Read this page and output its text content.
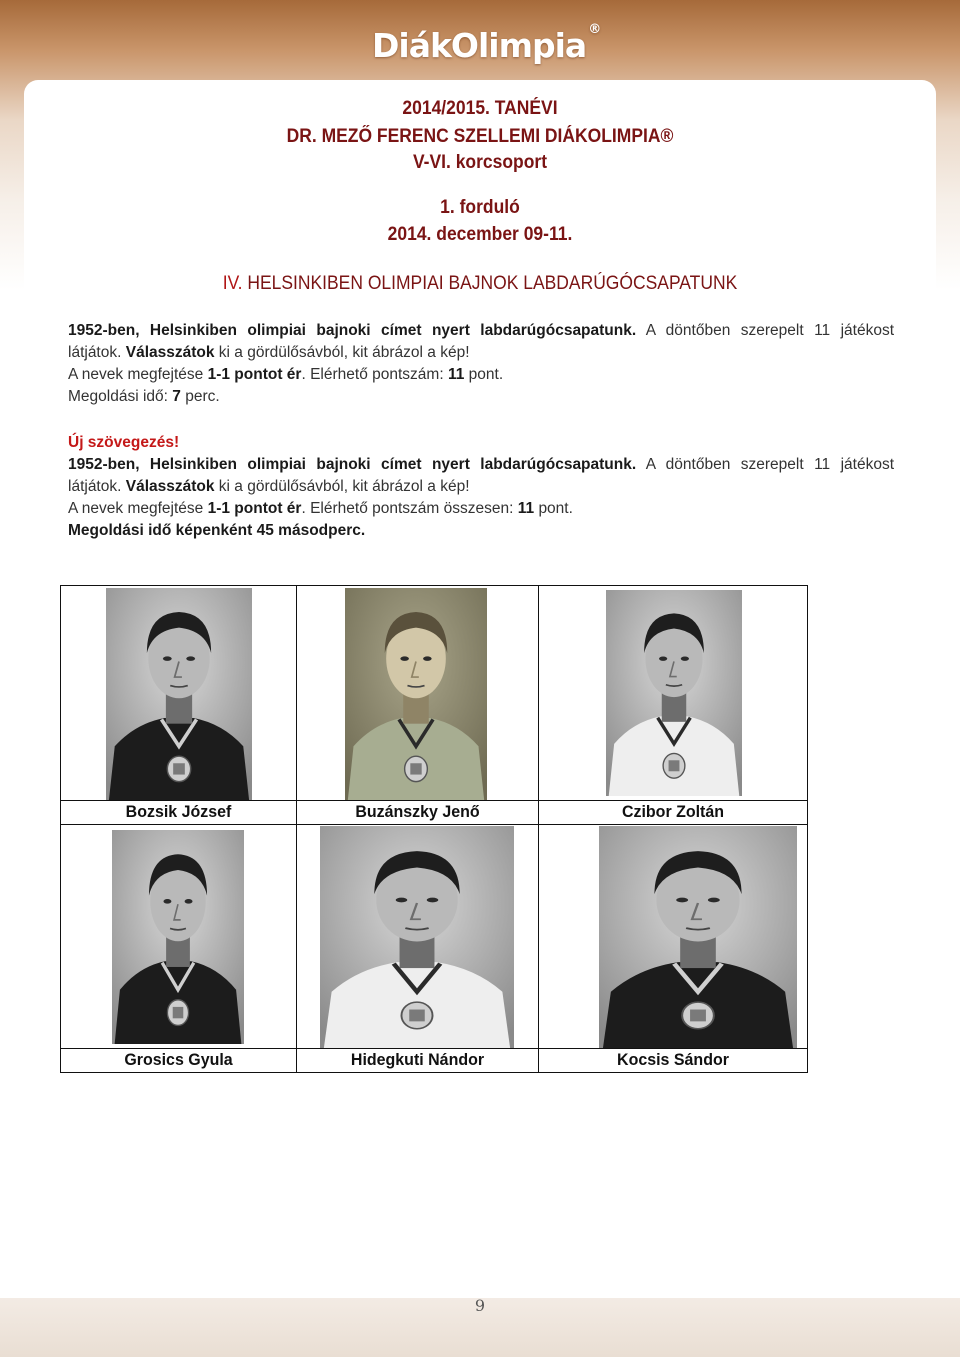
DiákOlimpia ®
2014/2015. TANÉVI
DR. MEZŐ FERENC SZELLEMI DIÁKOLIMPIA®
V-VI. korcsoport
1. forduló
2014. december 09-11.
IV. HELSINKIBEN OLIMPIAI BAJNOK LABDARÚGÓCSAPATUNK

1952-ben, Helsinkiben olimpiai bajnoki címet nyert labdarúgócsapatunk. A döntőben szerepelt 11 játékost

látjátok. Válasszátok ki a gördülősávból, kit ábrázol a kép!

A nevek megfejtése 1-1 pontot ér. Elérhető pontszám: 11 pont.

Megoldási idő: 7 perc.

Új szövegezés!

1952-ben, Helsinkiben olimpiai bajnoki címet nyert labdarúgócsapatunk. A döntőben szerepelt 11 játékost

látjátok. Válasszátok ki a gördülősávból, kit ábrázol a kép!

A nevek megfejtése 1-1 pontot ér. Elérhető pontszám összesen: 11 pont.

Megoldási idő képenként 45 másodperc.

Bozsik József	Buzánszky Jenő	Czibor Zoltán
Grosics Gyula	Hidegkuti Nándor	Kocsis Sándor
9
